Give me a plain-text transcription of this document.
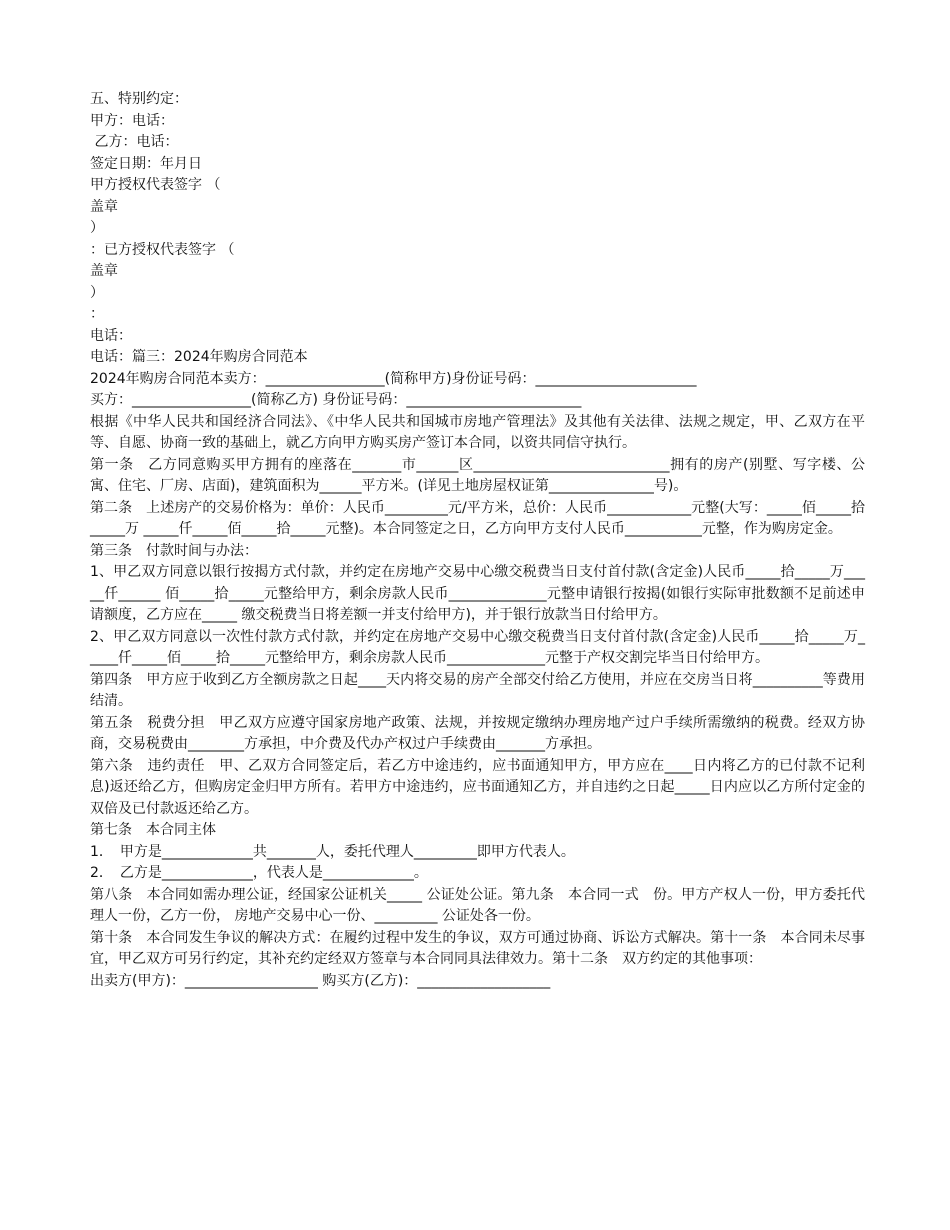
五、特别约定：
甲方：电话：
乙方：电话：
签定日期：年月日
甲方授权代表签字 （
盖章
）
：已方授权代表签字 （
盖章
）
：
电话：
电话：篇三：2024年购房合同范本
2024年购房合同范本卖方：_________________(简称甲方)身份证号码：_______________________
买方：_________________(简称乙方) 身份证号码：_________________________
根据《中华人民共和国经济合同法》、《中华人民共和国城市房地产管理法》及其他有关法律、法规之规定，甲、乙双方在平等、自愿、协商一致的基础上，就乙方向甲方购买房产签订本合同，以资共同信守执行。
第一条　乙方同意购买甲方拥有的座落在_______市______区____________________________拥有的房产(别墅、写字楼、公寓、住宅、厂房、店面)，建筑面积为______平方米。(详见土地房屋权证第_______________号)。
第二条　上述房产的交易价格为：单价：人民币_________元/平方米，总价：人民币____________元整(大写：_____佰_____拾_____万 _____仟_____佰_____拾_____元整)。本合同签定之日，乙方向甲方支付人民币___________元整，作为购房定金。
第三条　付款时间与办法：
1、甲乙双方同意以银行按揭方式付款，并约定在房地产交易中心缴交税费当日支付首付款(含定金)人民币_____拾_____万_____仟______ 佰_____拾_____元整给甲方，剩余房款人民币______________元整申请银行按揭(如银行实际审批数额不足前述申请额度，乙方应在_____ 缴交税费当日将差额一并支付给甲方)，并于银行放款当日付给甲方。
2、甲乙双方同意以一次性付款方式付款，并约定在房地产交易中心缴交税费当日支付首付款(含定金)人民币_____拾_____万_____仟_____佰_____拾_____元整给甲方，剩余房款人民币______________元整于产权交割完毕当日付给甲方。
第四条　甲方应于收到乙方全额房款之日起____天内将交易的房产全部交付给乙方使用，并应在交房当日将__________等费用结清。
第五条　税费分担　甲乙双方应遵守国家房地产政策、法规，并按规定缴纳办理房地产过户手续所需缴纳的税费。经双方协商，交易税费由________方承担，中介费及代办产权过户手续费由_______方承担。
第六条　违约责任　甲、乙双方合同签定后，若乙方中途违约，应书面通知甲方，甲方应在____日内将乙方的已付款不记利息)返还给乙方，但购房定金归甲方所有。若甲方中途违约，应书面通知乙方，并自违约之日起_____日内应以乙方所付定金的双倍及已付款返还给乙方。
第七条　本合同主体
1．　甲方是_____________共_______人，委托代理人_________即甲方代表人。
2．　乙方是_____________，代表人是_____________。
第八条　本合同如需办理公证，经国家公证机关_____ 公证处公证。第九条　本合同一式　份。甲方产权人一份，甲方委托代理人一份，乙方一份， 房地产交易中心一份、_________ 公证处各一份。
第十条　本合同发生争议的解决方式：在履约过程中发生的争议，双方可通过协商、诉讼方式解决。第十一条　本合同未尽事宜，甲乙双方可另行约定，其补充约定经双方签章与本合同同具法律效力。第十二条　双方约定的其他事项：
出卖方(甲方)：___________________ 购买方(乙方)：___________________
